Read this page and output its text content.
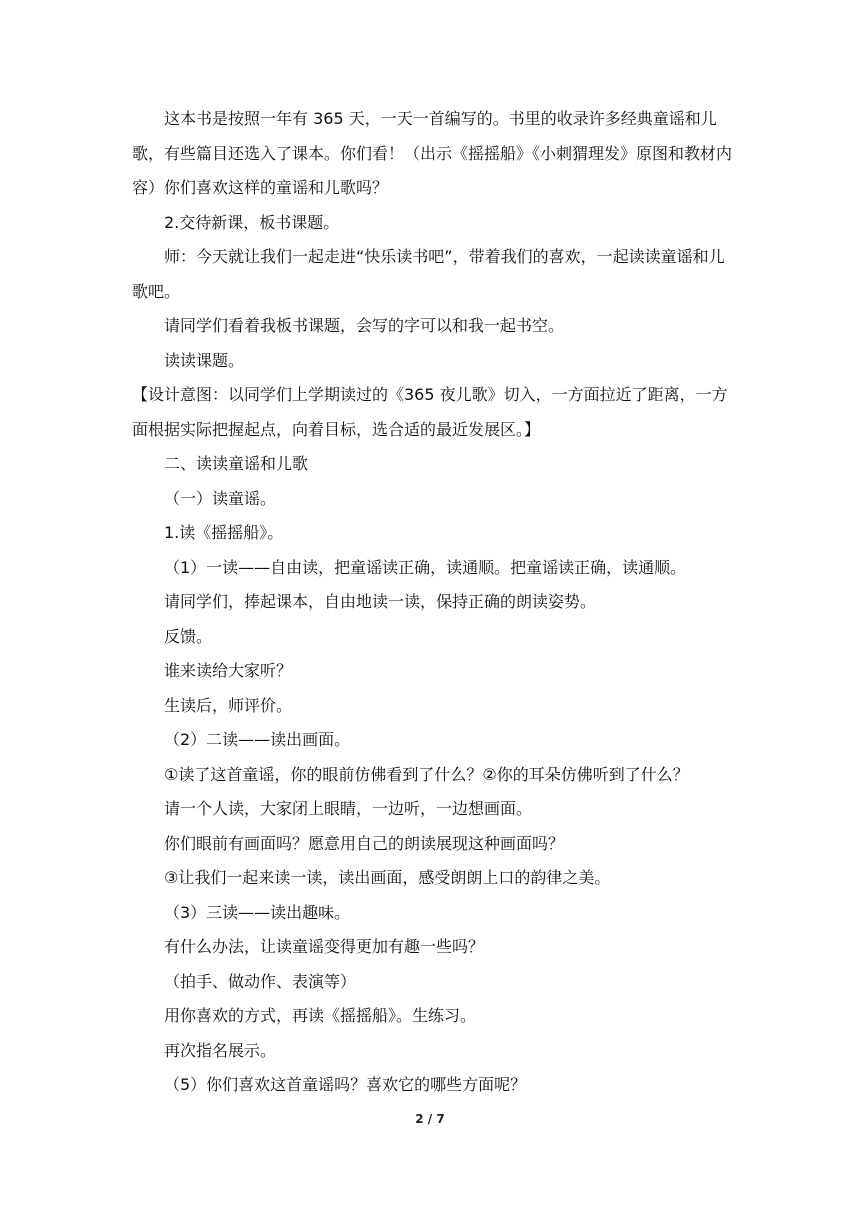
这本书是按照一年有 365 天，一天一首编写的。书里的收录许多经典童谣和儿歌，有些篇目还选入了课本。你们看！（出示《摇摇船》《小刺猬理发》原图和教材内容）你们喜欢这样的童谣和儿歌吗？

2.交待新课，板书课题。

师：今天就让我们一起走进“快乐读书吧”，带着我们的喜欢，一起读读童谣和儿歌吧。

请同学们看着我板书课题，会写的字可以和我一起书空。

读读课题。

【设计意图：以同学们上学期读过的《365 夜儿歌》切入，一方面拉近了距离，一方面根据实际把握起点，向着目标，选合适的最近发展区。】

二、读读童谣和儿歌

（一）读童谣。

1.读《摇摇船》。

（1）一读——自由读，把童谣读正确，读通顺。把童谣读正确，读通顺。

请同学们，捧起课本，自由地读一读，保持正确的朗读姿势。

反馈。

谁来读给大家听？

生读后，师评价。

（2）二读——读出画面。

①读了这首童谣，你的眼前仿佛看到了什么？②你的耳朵仿佛听到了什么？

请一个人读，大家闭上眼睛，一边听，一边想画面。

你们眼前有画面吗？愿意用自己的朗读展现这种画面吗？

③让我们一起来读一读，读出画面，感受朗朗上口的韵律之美。

（3）三读——读出趣味。

有什么办法，让读童谣变得更加有趣一些吗？

（拍手、做动作、表演等）

用你喜欢的方式，再读《摇摇船》。生练习。

再次指名展示。

（5）你们喜欢这首童谣吗？喜欢它的哪些方面呢？

2 / 7
